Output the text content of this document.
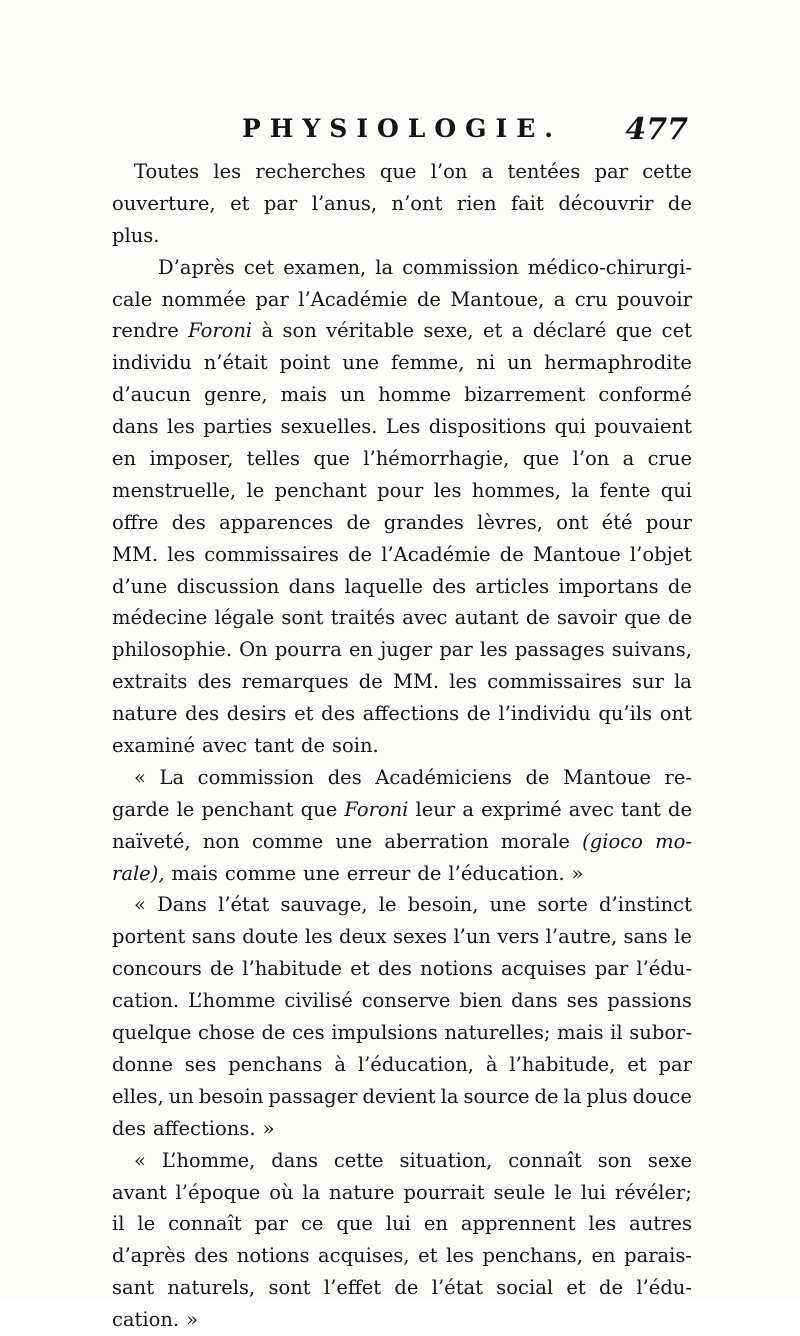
PHYSIOLOGIE. 477
Toutes les recherches que l’on a tentées par cette
ouverture, et par l’anus, n’ont rien fait découvrir de
plus.
D’après cet examen, la commission médico-chirurgi-
cale nommée par l’Académie de Mantoue, a cru pouvoir
rendre Foroni à son véritable sexe, et a déclaré que cet
individu n’était point une femme, ni un hermaphrodite
d’aucun genre, mais un homme bizarrement conformé
dans les parties sexuelles. Les dispositions qui pouvaient
en imposer, telles que l’hémorrhagie, que l’on a crue
menstruelle, le penchant pour les hommes, la fente qui
offre des apparences de grandes lèvres, ont été pour
MM. les commissaires de l’Académie de Mantoue l’objet
d’une discussion dans laquelle des articles importans de
médecine légale sont traités avec autant de savoir que de
philosophie. On pourra en juger par les passages suivans,
extraits des remarques de MM. les commissaires sur la
nature des desirs et des affections de l’individu qu’ils ont
examiné avec tant de soin.
« La commission des Académiciens de Mantoue re-
garde le penchant que Foroni leur a exprimé avec tant de
naïveté, non comme une aberration morale (gioco mo-
rale), mais comme une erreur de l’éducation. »
« Dans l’état sauvage, le besoin, une sorte d’instinct
portent sans doute les deux sexes l’un vers l’autre, sans le
concours de l’habitude et des notions acquises par l’édu-
cation. L’homme civilisé conserve bien dans ses passions
quelque chose de ces impulsions naturelles; mais il subor-
donne ses penchans à l’éducation, à l’habitude, et par
elles, un besoin passager devient la source de la plus douce
des affections. »
« L’homme, dans cette situation, connaît son sexe
avant l’époque où la nature pourrait seule le lui révéler;
il le connaît par ce que lui en apprennent les autres
d’après des notions acquises, et les penchans, en parais-
sant naturels, sont l’effet de l’état social et de l’édu-
cation. »
